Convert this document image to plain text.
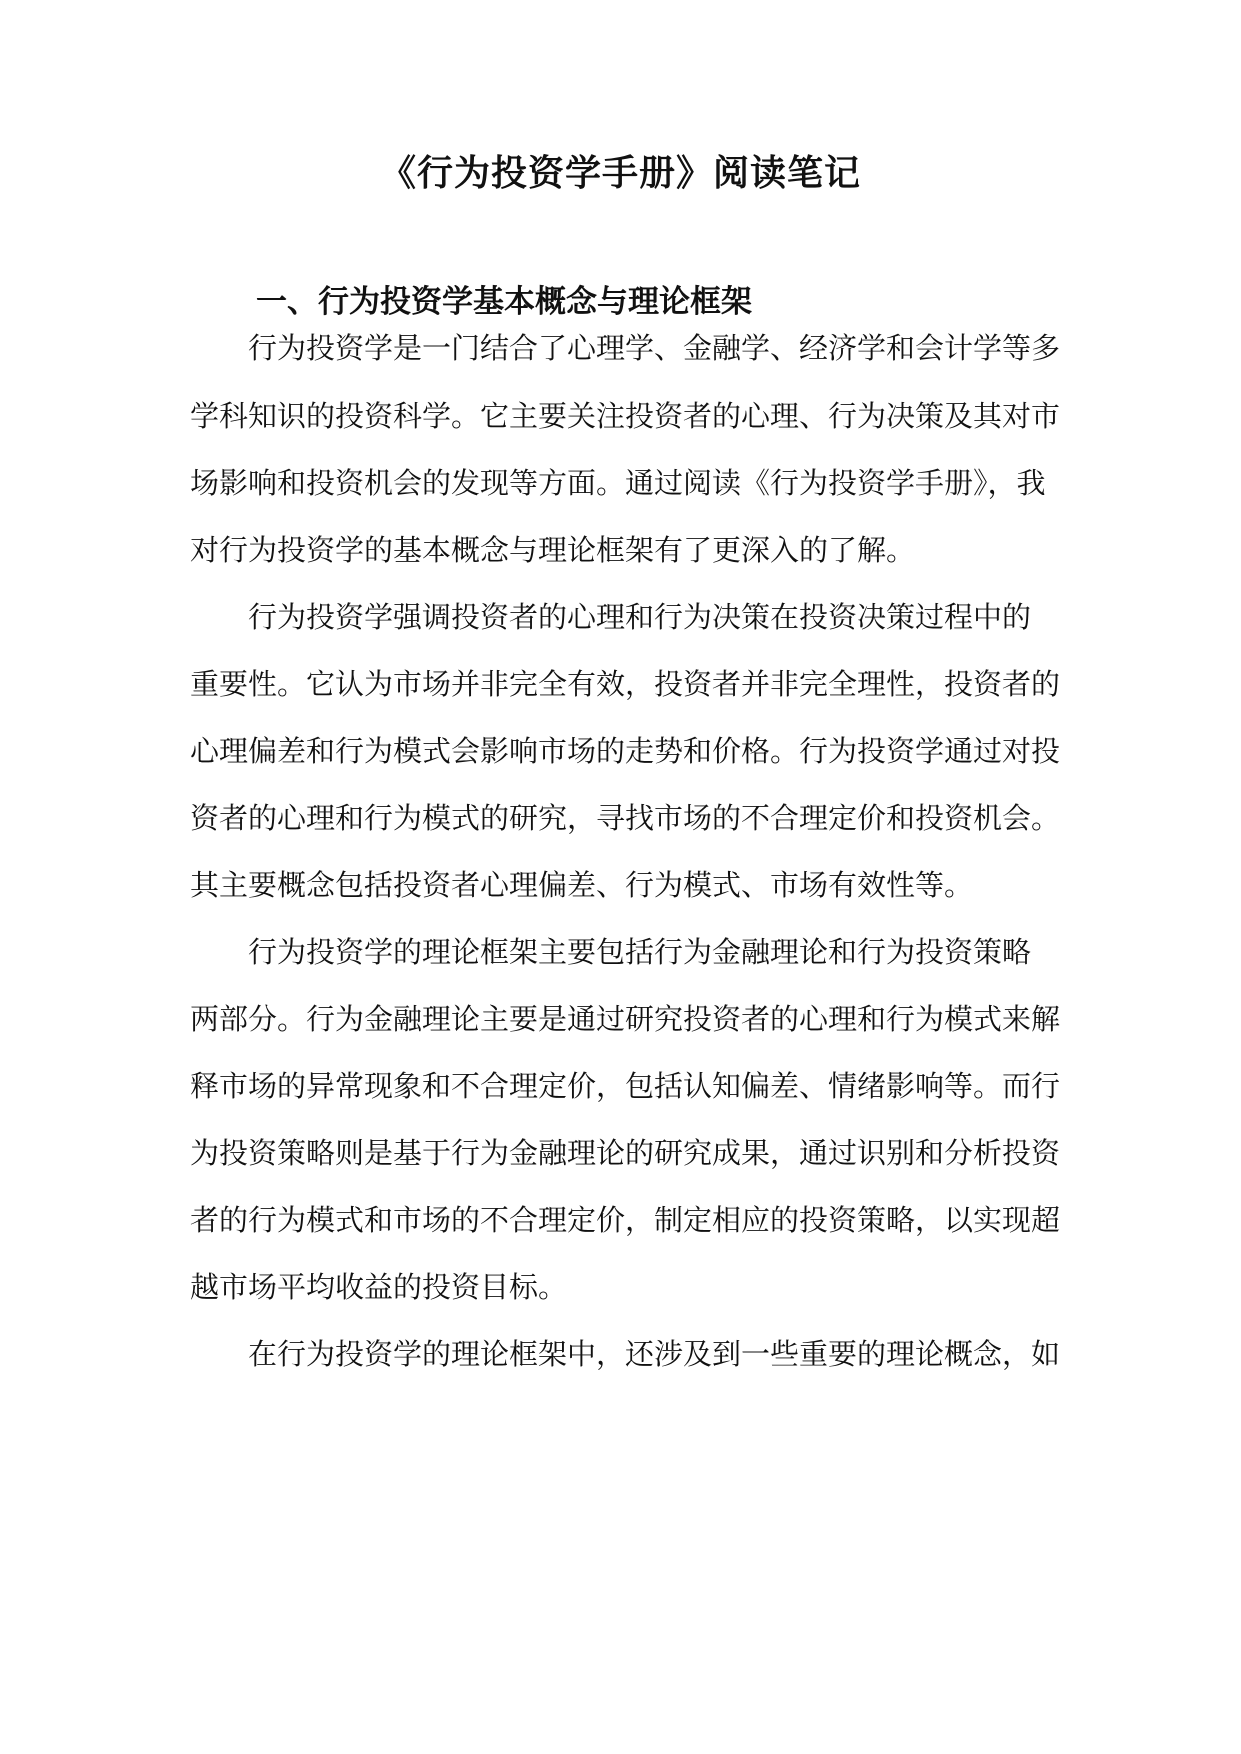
《行为投资学手册》阅读笔记
一、行为投资学基本概念与理论框架

行为投资学是一门结合了心理学、金融学、经济学和会计学等多

学科知识的投资科学。它主要关注投资者的心理、行为决策及其对市

场影响和投资机会的发现等方面。通过阅读《行为投资学手册》，我

对行为投资学的基本概念与理论框架有了更深入的了解。

行为投资学强调投资者的心理和行为决策在投资决策过程中的

重要性。它认为市场并非完全有效，投资者并非完全理性，投资者的

心理偏差和行为模式会影响市场的走势和价格。行为投资学通过对投

资者的心理和行为模式的研究，寻找市场的不合理定价和投资机会。

其主要概念包括投资者心理偏差、行为模式、市场有效性等。

行为投资学的理论框架主要包括行为金融理论和行为投资策略

两部分。行为金融理论主要是通过研究投资者的心理和行为模式来解

释市场的异常现象和不合理定价，包括认知偏差、情绪影响等。而行

为投资策略则是基于行为金融理论的研究成果，通过识别和分析投资

者的行为模式和市场的不合理定价，制定相应的投资策略，以实现超

越市场平均收益的投资目标。

在行为投资学的理论框架中，还涉及到一些重要的理论概念，如
